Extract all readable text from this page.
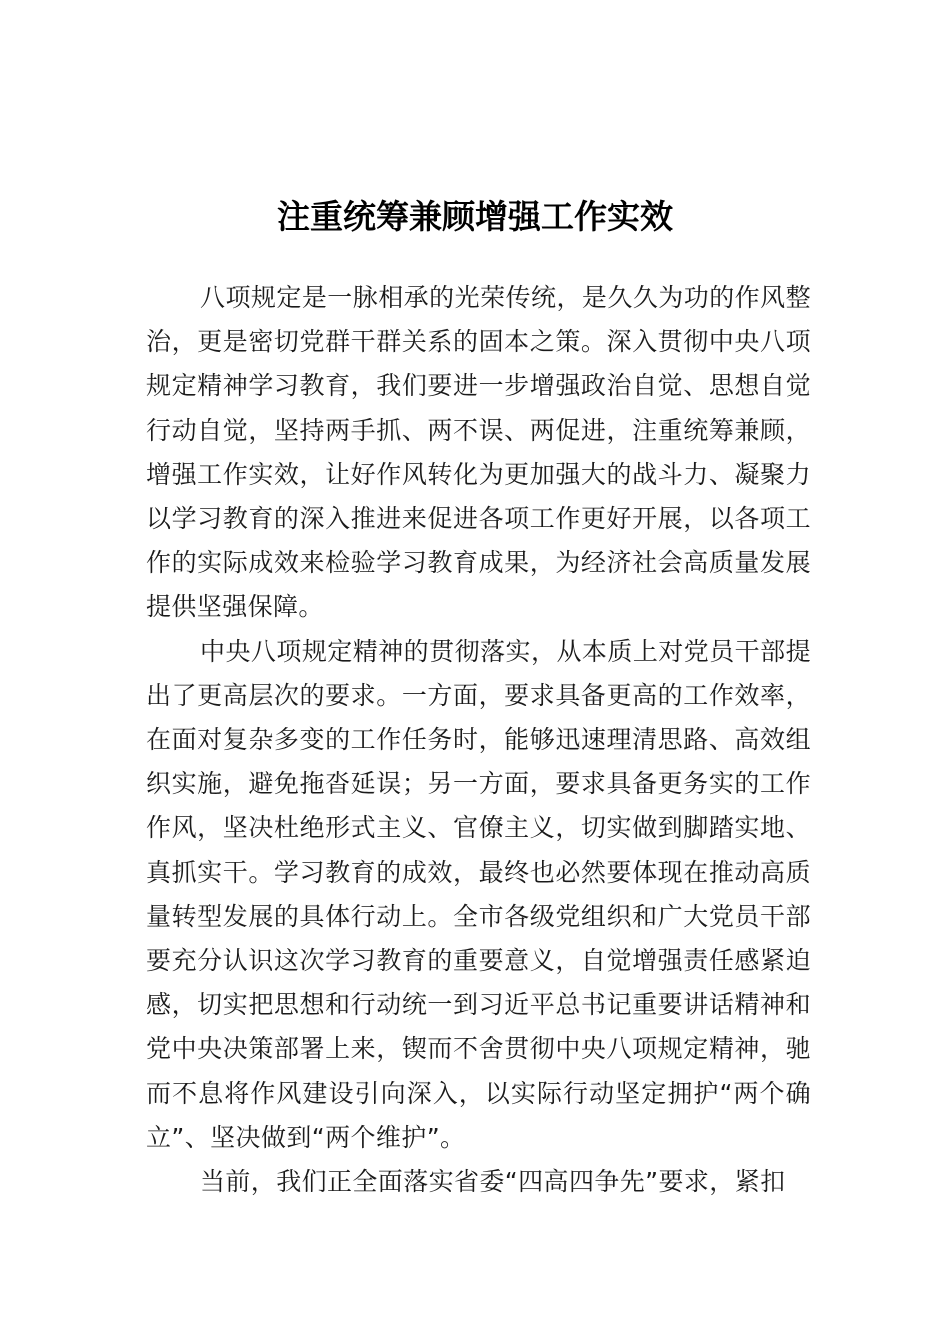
注重统筹兼顾增强工作实效

八项规定是一脉相承的光荣传统，是久久为功的作风整治，更是密切党群干群关系的固本之策。深入贯彻中央八项规定精神学习教育，我们要进一步增强政治自觉、思想自觉行动自觉，坚持两手抓、两不误、两促进，注重统筹兼顾，增强工作实效，让好作风转化为更加强大的战斗力、凝聚力以学习教育的深入推进来促进各项工作更好开展，以各项工作的实际成效来检验学习教育成果，为经济社会高质量发展提供坚强保障。

中央八项规定精神的贯彻落实，从本质上对党员干部提出了更高层次的要求。一方面，要求具备更高的工作效率，在面对复杂多变的工作任务时，能够迅速理清思路、高效组织实施，避免拖沓延误；另一方面，要求具备更务实的工作作风，坚决杜绝形式主义、官僚主义，切实做到脚踏实地、真抓实干。学习教育的成效，最终也必然要体现在推动高质量转型发展的具体行动上。全市各级党组织和广大党员干部要充分认识这次学习教育的重要意义，自觉增强责任感紧迫感，切实把思想和行动统一到习近平总书记重要讲话精神和党中央决策部署上来，锲而不舍贯彻中央八项规定精神，驰而不息将作风建设引向深入，以实际行动坚定拥护“两个确立”、坚决做到“两个维护”。

当前，我们正全面落实省委“四高四争先”要求，紧扣
